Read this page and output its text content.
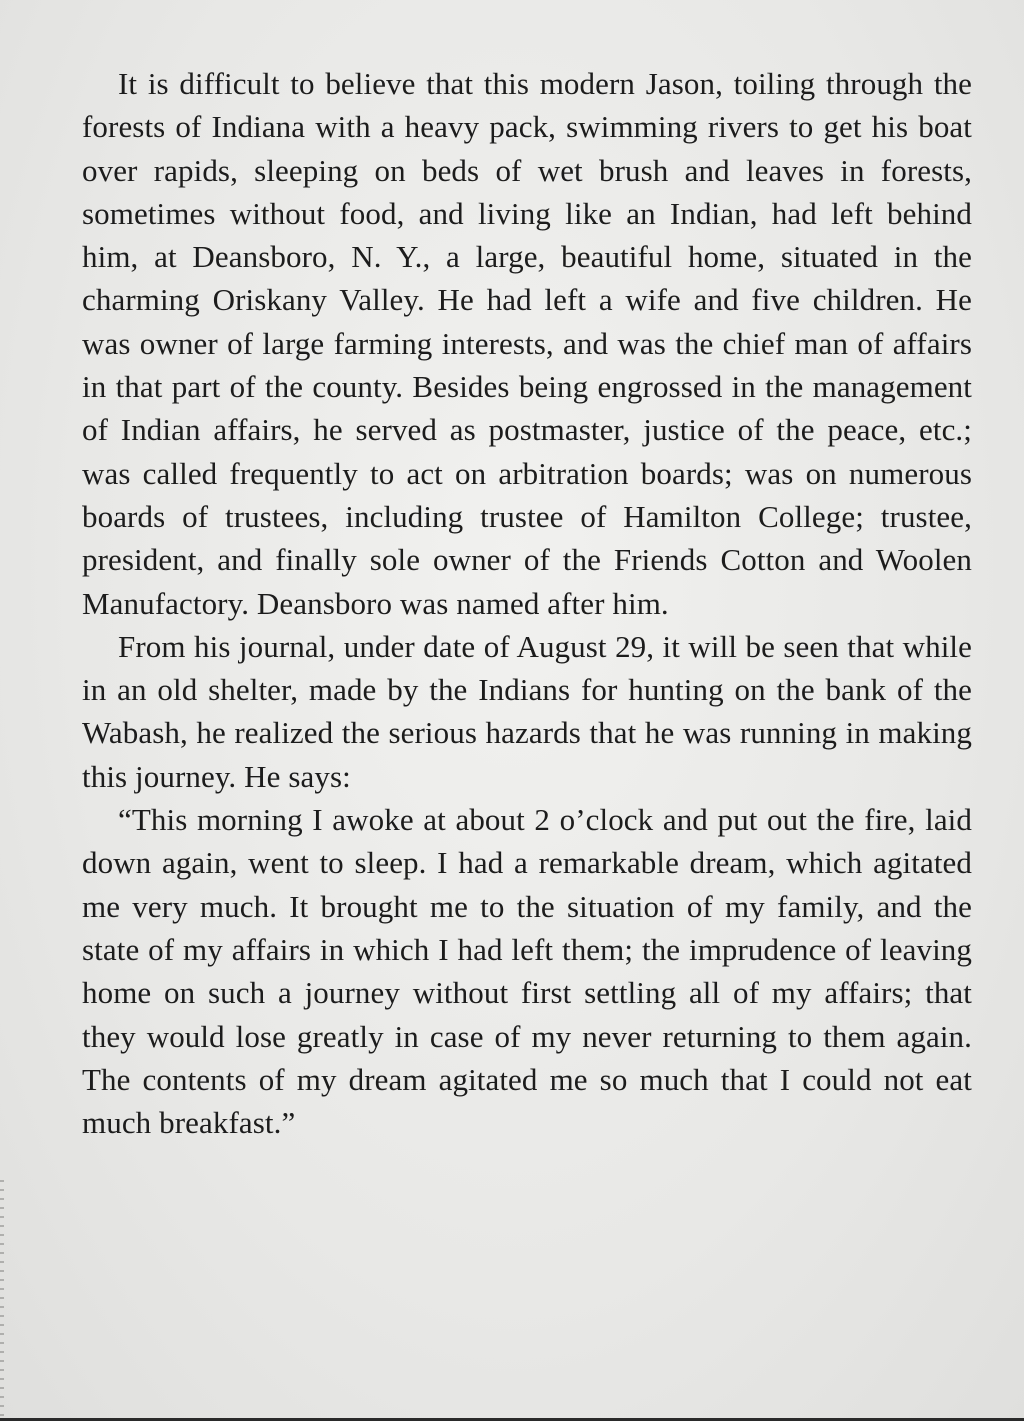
It is difficult to believe that this modern Jason, toiling through the forests of Indiana with a heavy pack, swimming rivers to get his boat over rapids, sleeping on beds of wet brush and leaves in forests, sometimes without food, and living like an Indian, had left behind him, at Deansboro, N. Y., a large, beautiful home, situated in the charming Oriskany Valley. He had left a wife and five children. He was owner of large farming interests, and was the chief man of affairs in that part of the county. Besides being engrossed in the management of Indian affairs, he served as postmaster, justice of the peace, etc.; was called frequently to act on arbitration boards; was on numerous boards of trustees, including trustee of Hamilton College; trustee, president, and finally sole owner of the Friends Cotton and Woolen Manufactory. Deansboro was named after him.

From his journal, under date of August 29, it will be seen that while in an old shelter, made by the Indians for hunting on the bank of the Wabash, he realized the serious hazards that he was running in making this journey. He says:

“This morning I awoke at about 2 o’clock and put out the fire, laid down again, went to sleep. I had a remarkable dream, which agitated me very much. It brought me to the situation of my family, and the state of my affairs in which I had left them; the imprudence of leaving home on such a journey without first settling all of my affairs; that they would lose greatly in case of my never returning to them again. The contents of my dream agitated me so much that I could not eat much breakfast.”
